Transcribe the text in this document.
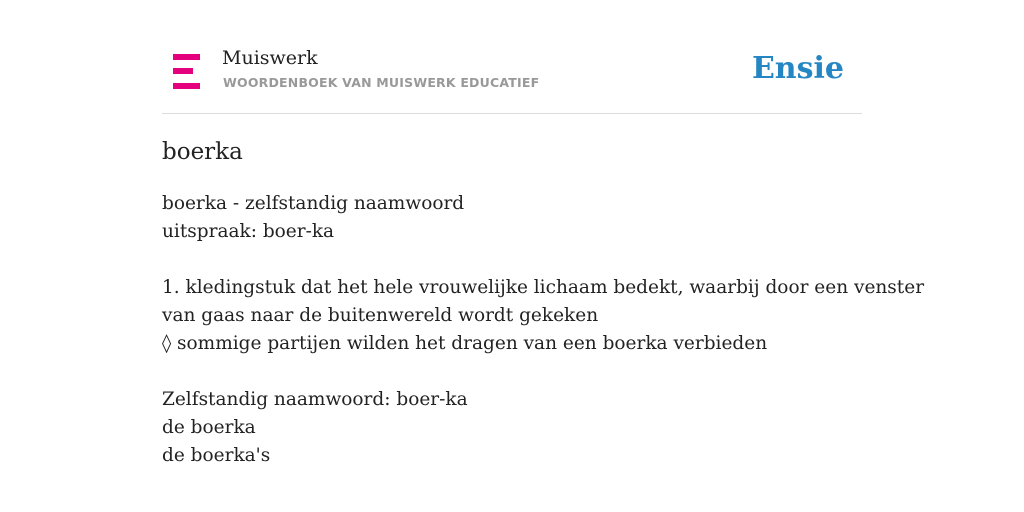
Muiswerk
WOORDENBOEK VAN MUISWERK EDUCATIEF	Ensie
boerka
boerka - zelfstandig naamwoord
uitspraak: boer-ka
1. kledingstuk dat het hele vrouwelijke lichaam bedekt, waarbij door een venster
van gaas naar de buitenwereld wordt gekeken
◊ sommige partijen wilden het dragen van een boerka verbieden
Zelfstandig naamwoord: boer-ka
de boerka
de boerka's
